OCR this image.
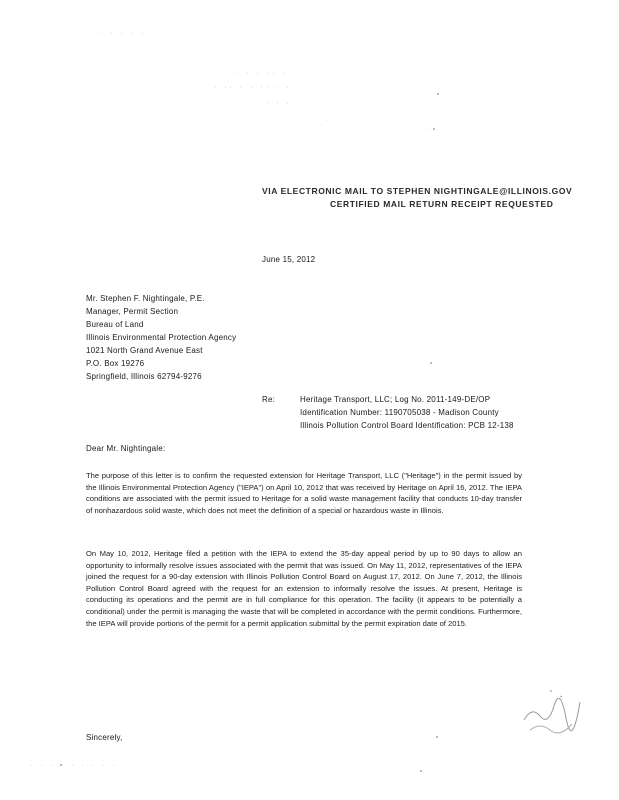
· · · ·· ·
· ·· · · ·· · ·
· · ·
· ·· · ·
·
· · · · ·
VIA ELECTRONIC MAIL TO STEPHEN NIGHTINGALE@ILLINOIS.GOV
CERTIFIED MAIL RETURN RECEIPT REQUESTED
June 15, 2012
Mr. Stephen F. Nightingale, P.E.
Manager, Permit Section
Bureau of Land
Illinois Environmental Protection Agency
1021 North Grand Avenue East
P.O. Box 19276
Springfield, Illinois 62794-9276
Re:	Heritage Transport, LLC; Log No. 2011-149-DE/OP
Identification Number: 1190705038 - Madison County
Illinois Pollution Control Board Identification: PCB 12-138
Dear Mr. Nightingale:
The purpose of this letter is to confirm the requested extension for Heritage Transport, LLC ("Heritage") in the permit issued by the Illinois Environmental Protection Agency ("IEPA") on April 10, 2012 that was received by Heritage on April 16, 2012. The IEPA conditions are associated with the permit issued to Heritage for a solid waste management facility that conducts 10-day transfer of nonhazardous solid waste, which does not meet the definition of a special or hazardous waste in Illinois.
On May 10, 2012, Heritage filed a petition with the IEPA to extend the 35-day appeal period by up to 90 days to allow an opportunity to informally resolve issues associated with the permit that was issued. On May 11, 2012, representatives of the IEPA joined the request for a 90-day extension with Illinois Pollution Control Board on August 17, 2012. On June 7, 2012, the Illinois Pollution Control Board agreed with the request for an extension to informally resolve the issues. At present, Heritage is conducting its operations and the permit are in full compliance for this operation. The facility (it appears to be potentially a conditional) under the permit is managing the waste that will be completed in accordance with the permit conditions. Furthermore, the IEPA will provide portions of the permit for a permit application submittal by the permit expiration date of 2015.
Sincerely,
· · · · · · · · ·
